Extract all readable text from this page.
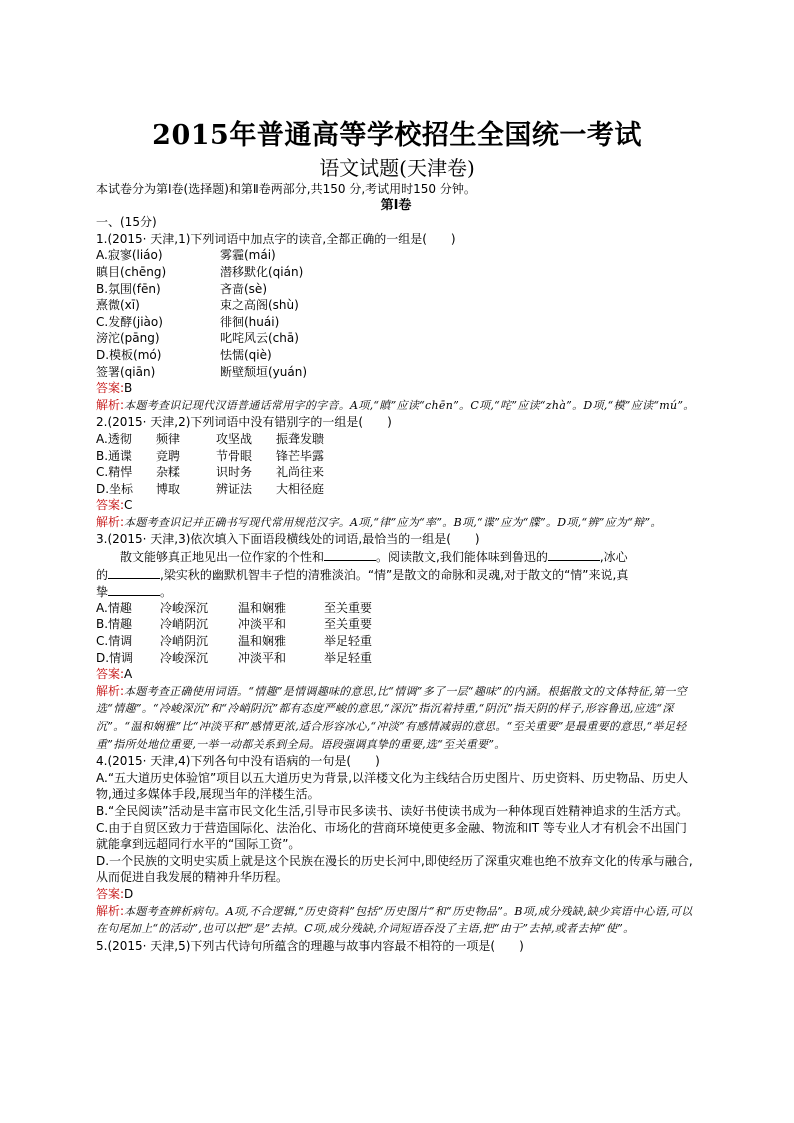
2015年普通高等学校招生全国统一考试
语文试题(天津卷)

本试卷分为第Ⅰ卷(选择题)和第Ⅱ卷两部分,共150 分,考试用时150 分钟。

第Ⅰ卷

一、(15分)

1.(2015· 天津,1)下列词语中加点字的读音,全都正确的一组是(　　)

A.寂寥(liáo)	雾霾(mái)

瞋目(chēng)	潜移默化(qián)

B.氛围(fēn)	吝啬(sè)

熹微(xī)	束之高阁(shù)

C.发酵(jiào)	徘徊(huái)

滂沱(pāng)	叱咤风云(chā)

D.模板(mó)	怯懦(qiè)

签署(qiān)	断壁颓垣(yuán)

答案:B

解析:本题考查识记现代汉语普通话常用字的字音。A项,“瞋”应读“chēn”。C项,“咤”应读“zhà”。D项,“模”应读“mú”。

2.(2015· 天津,2)下列词语中没有错别字的一组是(　　)

A.透彻 频律	攻坚战 振聋发聩

B.通谍 竞聘	节骨眼 锋芒毕露

C.精悍 杂糅	识时务 礼尚往来

D.坐标 博取	辨证法 大相径庭

答案:C

解析:本题考查识记并正确书写现代常用规范汉字。A项,“律”应为“率”。B项,“谍”应为“牒”。D项,“辨”应为“辩”。

3.(2015· 天津,3)依次填入下面语段横线处的词语,最恰当的一组是(　　)

散文能够真正地见出一位作家的个性和	。阅读散文,我们能体味到鲁迅的	,冰心

的	,梁实秋的幽默机智丰子恺的清雅淡泊。“情”是散文的命脉和灵魂,对于散文的“情”来说,真

挚	。

A.情趣 冷峻深沉 温和娴雅	至关重要

B.情趣 冷峭阴沉 冲淡平和	至关重要

C.情调 冷峭阴沉 温和娴雅	举足轻重

D.情调 冷峻深沉 冲淡平和	举足轻重

答案:A

解析:本题考查正确使用词语。“情趣”是情调趣味的意思,比“情调”多了一层“趣味”的内涵。根据散文的文体特征,第一空选“情趣”。“冷峻深沉”和“冷峭阴沉”都有态度严峻的意思,“深沉”指沉着持重,“阴沉”指天阴的样子,形容鲁迅,应选“深沉”。“温和娴雅”比“冲淡平和”感情更浓,适合形容冰心,“冲淡”有感情减弱的意思。“至关重要”是最重要的意思,“举足轻重”指所处地位重要,一举一动都关系到全局。语段强调真挚的重要,选“至关重要”。

4.(2015· 天津,4)下列各句中没有语病的一句是(　　)

A.“五大道历史体验馆”项目以五大道历史为背景,以洋楼文化为主线结合历史图片、历史资料、历史物品、历史人物,通过多媒体手段,展现当年的洋楼生活。

B.“全民阅读”活动是丰富市民文化生活,引导市民多读书、读好书使读书成为一种体现百姓精神追求的生活方式。

C.由于自贸区致力于营造国际化、法治化、市场化的营商环境使更多金融、物流和IT 等专业人才有机会不出国门就能拿到远超同行水平的“国际工资”。

D.一个民族的文明史实质上就是这个民族在漫长的历史长河中,即使经历了深重灾难也绝不放弃文化的传承与融合,从而促进自我发展的精神升华历程。

答案:D

解析:本题考查辨析病句。A项,不合逻辑,“历史资料”包括“历史图片”和“历史物品”。B项,成分残缺,缺少宾语中心语,可以在句尾加上“的活动”,也可以把“是”去掉。C项,成分残缺,介词短语吞没了主语,把“由于”去掉,或者去掉“使”。

5.(2015· 天津,5)下列古代诗句所蕴含的理趣与故事内容最不相符的一项是(　　)
